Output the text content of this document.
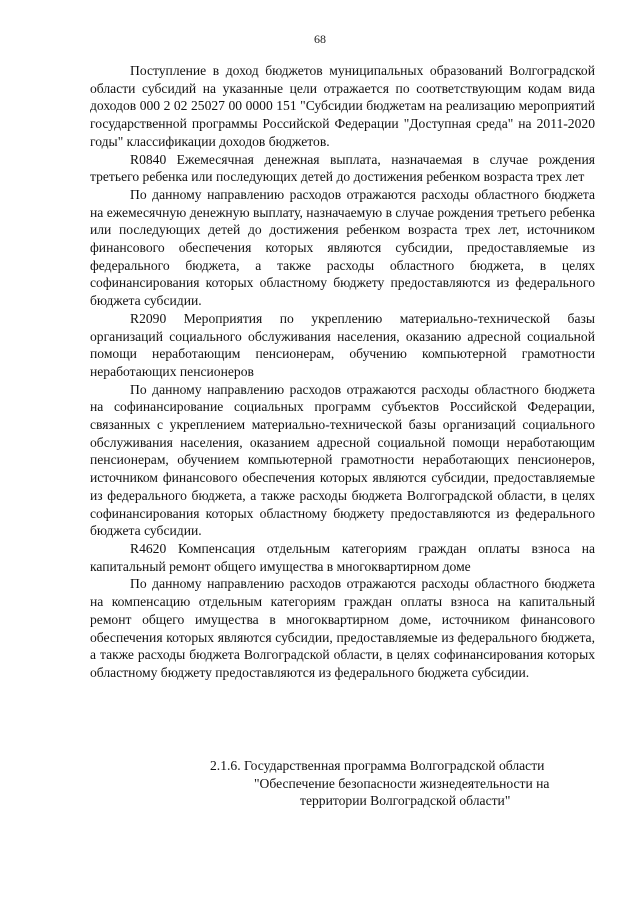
68

Поступление в доход бюджетов муниципальных образований Волгоградской области субсидий на указанные цели отражается по соответствующим кодам вида доходов 000 2 02 25027 00 0000 151 "Субсидии бюджетам на реализацию мероприятий государственной программы Российской Федерации "Доступная среда" на 2011-2020 годы" классификации доходов бюджетов.

R0840 Ежемесячная денежная выплата, назначаемая в случае рождения третьего ребенка или последующих детей до достижения ребенком возраста трех лет

По данному направлению расходов отражаются расходы областного бюджета на ежемесячную денежную выплату, назначаемую в случае рождения третьего ребенка или последующих детей до достижения ребенком возраста трех лет, источником финансового обеспечения которых являются субсидии, предоставляемые из федерального бюджета, а также расходы областного бюджета, в целях софинансирования которых областному бюджету предоставляются из федерального бюджета субсидии.

R2090 Мероприятия по укреплению материально-технической базы организаций социального обслуживания населения, оказанию адресной социальной помощи неработающим пенсионерам, обучению компьютерной грамотности неработающих пенсионеров

По данному направлению расходов отражаются расходы областного бюджета на софинансирование социальных программ субъектов Российской Федерации, связанных с укреплением материально-технической базы организаций социального обслуживания населения, оказанием адресной социальной помощи неработающим пенсионерам, обучением компьютерной грамотности неработающих пенсионеров, источником финансового обеспечения которых являются субсидии, предоставляемые из федерального бюджета, а также расходы бюджета Волгоградской области, в целях софинансирования которых областному бюджету предоставляются из федерального бюджета субсидии.

R4620 Компенсация отдельным категориям граждан оплаты взноса на капитальный ремонт общего имущества в многоквартирном доме

По данному направлению расходов отражаются расходы областного бюджета на компенсацию отдельным категориям граждан оплаты взноса на капитальный ремонт общего имущества в многоквартирном доме, источником финансового обеспечения которых являются субсидии, предоставляемые из федерального бюджета, а также расходы бюджета Волгоградской области, в целях софинансирования которых областному бюджету предоставляются из федерального бюджета субсидии.

2.1.6. Государственная программа Волгоградской области
"Обеспечение безопасности жизнедеятельности на
территории Волгоградской области"
